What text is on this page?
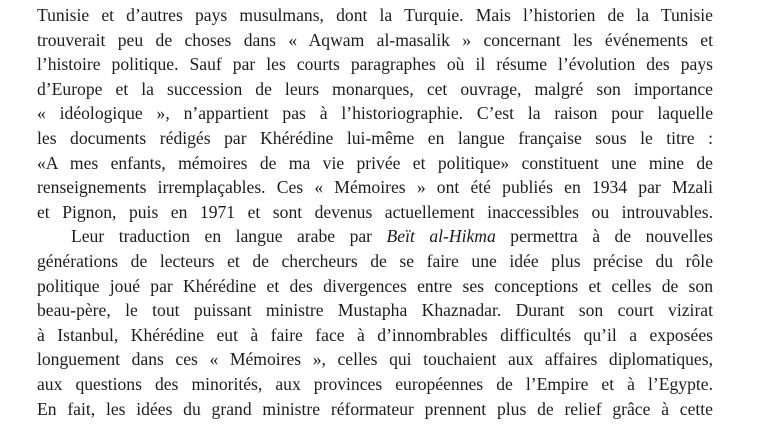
Tunisie et d’autres pays musulmans, dont la Turquie. Mais l’historien de la Tunisie
trouverait peu de choses dans « Aqwam al-masalik » concernant les événements et
l’histoire politique. Sauf par les courts paragraphes où il résume l’évolution des pays
d’Europe et la succession de leurs monarques, cet ouvrage, malgré son importance
« idéologique », n’appartient pas à l’historiographie. C’est la raison pour laquelle
les documents rédigés par Khérédine lui-même en langue française sous le titre :
«A mes enfants, mémoires de ma vie privée et politique» constituent une mine de
renseignements irremplaçables. Ces « Mémoires » ont été publiés en 1934 par Mzali
et Pignon, puis en 1971 et sont devenus actuellement inaccessibles ou introuvables.
Leur traduction en langue arabe par Beït al-Hikma permettra à de nouvelles
générations de lecteurs et de chercheurs de se faire une idée plus précise du rôle
politique joué par Khérédine et des divergences entre ses conceptions et celles de son
beau-père, le tout puissant ministre Mustapha Khaznadar. Durant son court vizirat
à Istanbul, Khérédine eut à faire face à d’innombrables difficultés qu’il a exposées
longuement dans ces « Mémoires », celles qui touchaient aux affaires diplomatiques,
aux questions des minorités, aux provinces européennes de l’Empire et à l’Egypte.
En fait, les idées du grand ministre réformateur prennent plus de relief grâce à cette
